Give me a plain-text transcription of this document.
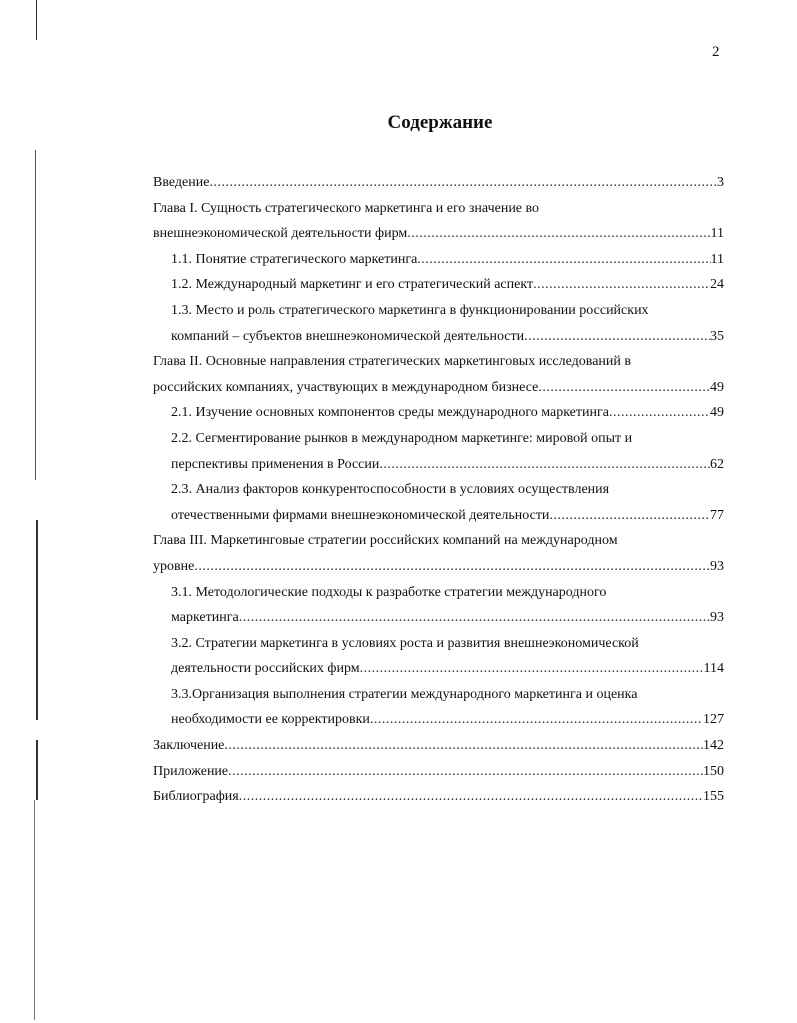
2
Содержание
Введение .....	3
Глава I. Сущность стратегического маркетинга и его значение во
внешнеэкономической деятельности фирм .....	11
1.1. Понятие стратегического маркетинга .....	11
1.2. Международный маркетинг и его стратегический аспект .....	24
1.3. Место и роль стратегического маркетинга в функционировании российских
компаний – субъектов внешнеэкономической деятельности .....	35
Глава II. Основные направления стратегических маркетинговых исследований в
российских компаниях, участвующих в международном бизнесе .....	49
2.1. Изучение основных компонентов среды международного маркетинга .....	49
2.2. Сегментирование рынков в международном маркетинге: мировой опыт и
перспективы применения в России .....	62
2.3. Анализ факторов конкурентоспособности в условиях осуществления
отечественными фирмами внешнеэкономической деятельности .....	77
Глава III. Маркетинговые стратегии российских компаний на международном
уровне .....	93
3.1. Методологические подходы к разработке стратегии международного
маркетинга .....	93
3.2. Стратегии маркетинга в условиях роста и развития внешнеэкономической
деятельности российских фирм .....	114
3.3.Организация выполнения стратегии международного маркетинга и оценка
необходимости ее корректировки .....	127
Заключение .....	142
Приложение .....	150
Библиография .....	155
